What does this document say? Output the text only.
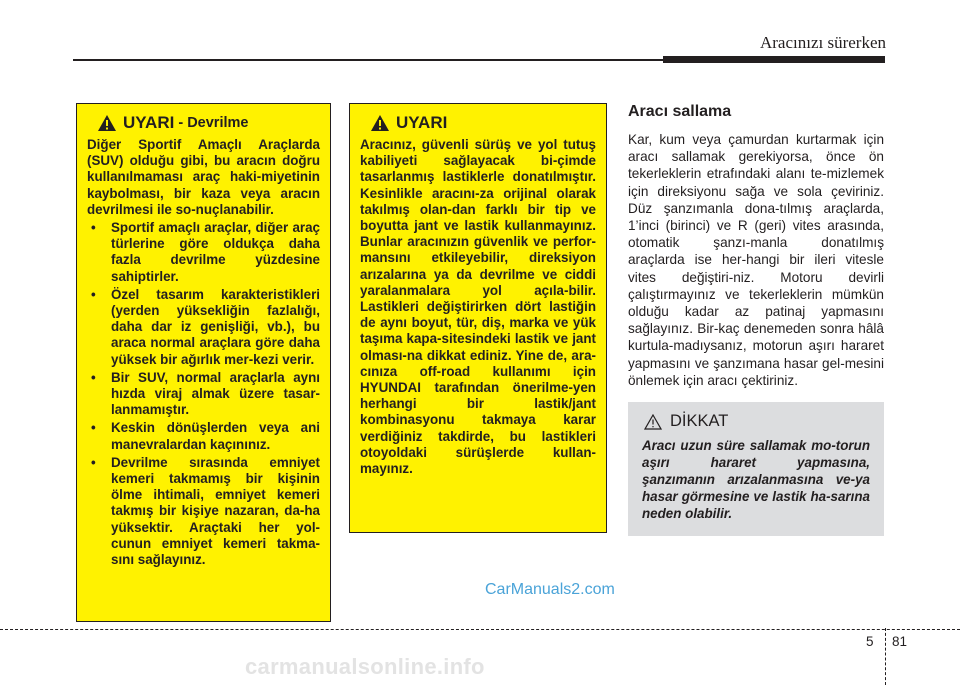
Aracınızı sürerken
UYARI - Devrilme

Diğer Sportif Amaçlı Araçlarda (SUV) olduğu gibi, bu aracın doğru kullanılmaması araç haki-miyetinin kaybolması, bir kaza veya aracın devrilmesi ile so-nuçlanabilir.

• Sportif amaçlı araçlar, diğer araç türlerine göre oldukça daha fazla devrilme yüzdesine sahiptirler.
• Özel tasarım karakteristikleri (yerden yüksekliğin fazlalığı, daha dar iz genişliği, vb.), bu araca normal araçlara göre daha yüksek bir ağırlık mer-kezi verir.
• Bir SUV, normal araçlarla aynı hızda viraj almak üzere tasar-lanmamıştır.
• Keskin dönüşlerden veya ani manevralardan kaçınınız.
• Devrilme sırasında emniyet kemeri takmamış bir kişinin ölme ihtimali, emniyet kemeri takmış bir kişiye nazaran, da-ha yüksektir. Araçtaki her yol-cunun emniyet kemeri takma-sını sağlayınız.
UYARI

Aracınız, güvenli sürüş ve yol tutuş kabiliyeti sağlayacak bi-çimde tasarlanmış lastiklerle donatılmıştır. Kesinlikle aracını-za orijinal olarak takılmış olan-dan farklı bir tip ve boyutta jant ve lastik kullanmayınız. Bunlar aracınızın güvenlik ve perfor-mansını etkileyebilir, direksiyon arızalarına ya da devrilme ve ciddi yaralanmalara yol açıla-bilir. Lastikleri değiştirirken dört lastiğin de aynı boyut, tür, diş, marka ve yük taşıma kapa-sitesindeki lastik ve jant olması-na dikkat ediniz. Yine de, ara-cınıza off-road kullanımı için HYUNDAI tarafından önerilme-yen herhangi bir lastik/jant kombinasyonu takmaya karar verdiğiniz takdirde, bu lastikleri otoyoldaki sürüşlerde kullan-mayınız.

Aracı sallama
Kar, kum veya çamurdan kurtarmak için aracı sallamak gerekiyorsa, önce ön tekerleklerin etrafındaki alanı te-mizlemek için direksiyonu sağa ve sola çeviriniz. Düz şanzımanla dona-tılmış araçlarda, 1’inci (birinci) ve R (geri) vites arasında, otomatik şanzı-manla donatılmış araçlarda ise her-hangi bir ileri vitesle vites değiştiri-niz. Motoru devirli çalıştırmayınız ve tekerleklerin mümkün olduğu kadar az patinaj yapmasını sağlayınız. Bir-kaç denemeden sonra hâlâ kurtula-madıysanız, motorun aşırı hararet yapmasını ve şanzımana hasar gel-mesini önlemek için aracı çektiriniz.
DİKKAT
Aracı uzun süre sallamak mo-torun aşırı hararet yapmasına, şanzımanın arızalanmasına ve-ya hasar görmesine ve lastik ha-sarına neden olabilir.
CarManuals2.com
5 81
carmanualsonline.info
